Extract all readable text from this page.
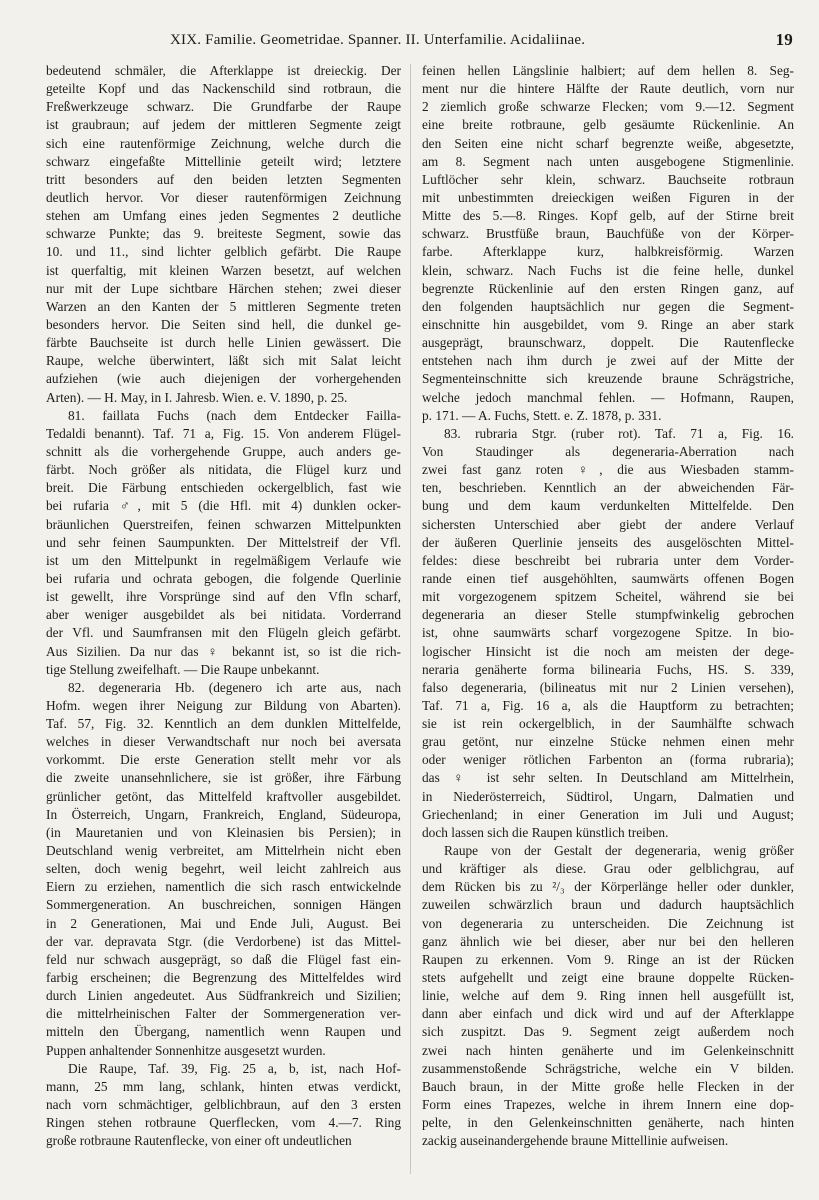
XIX. Familie. Geometridae. Spanner. II. Unterfamilie. Acidaliinae.	19
bedeutend schmäler, die Afterklappe ist dreieckig. Der
geteilte Kopf und das Nackenschild sind rotbraun, die
Freßwerkzeuge schwarz. Die Grundfarbe der Raupe
ist graubraun; auf jedem der mittleren Segmente zeigt
sich eine rautenförmige Zeichnung, welche durch die
schwarz eingefaßte Mittellinie geteilt wird; letztere
tritt besonders auf den beiden letzten Segmenten
deutlich hervor. Vor dieser rautenförmigen Zeichnung
stehen am Umfang eines jeden Segmentes 2 deutliche
schwarze Punkte; das 9. breiteste Segment, sowie das
10. und 11., sind lichter gelblich gefärbt. Die Raupe
ist querfaltig, mit kleinen Warzen besetzt, auf welchen
nur mit der Lupe sichtbare Härchen stehen; zwei dieser
Warzen an den Kanten der 5 mittleren Segmente treten
besonders hervor. Die Seiten sind hell, die dunkel ge-
färbte Bauchseite ist durch helle Linien gewässert. Die
Raupe, welche überwintert, läßt sich mit Salat leicht
aufziehen (wie auch diejenigen der vorhergehenden
Arten). — H. May, in I. Jahresb. Wien. e. V. 1890, p. 25.
81. faillata Fuchs (nach dem Entdecker Failla-
Tedaldi benannt). Taf. 71 a, Fig. 15. Von anderem Flügel-
schnitt als die vorhergehende Gruppe, auch anders ge-
färbt. Noch größer als nitidata, die Flügel kurz und
breit. Die Färbung entschieden ockergelblich, fast wie
bei rufaria ♂, mit 5 (die Hfl. mit 4) dunklen ocker-
bräunlichen Querstreifen, feinen schwarzen Mittelpunkten
und sehr feinen Saumpunkten. Der Mittelstreif der Vfl.
ist um den Mittelpunkt in regelmäßigem Verlaufe wie
bei rufaria und ochrata gebogen, die folgende Querlinie
ist gewellt, ihre Vorsprünge sind auf den Vfln scharf,
aber weniger ausgebildet als bei nitidata. Vorderrand
der Vfl. und Saumfransen mit den Flügeln gleich gefärbt.
Aus Sizilien. Da nur das ♀ bekannt ist, so ist die rich-
tige Stellung zweifelhaft. — Die Raupe unbekannt.
82. degeneraria Hb. (degenero ich arte aus, nach
Hofm. wegen ihrer Neigung zur Bildung von Abarten).
Taf. 57, Fig. 32. Kenntlich an dem dunklen Mittelfelde,
welches in dieser Verwandtschaft nur noch bei aversata
vorkommt. Die erste Generation stellt mehr vor als
die zweite unansehnlichere, sie ist größer, ihre Färbung
grünlicher getönt, das Mittelfeld kraftvoller ausgebildet.
In Österreich, Ungarn, Frankreich, England, Südeuropa,
(in Mauretanien und von Kleinasien bis Persien); in
Deutschland wenig verbreitet, am Mittelrhein nicht eben
selten, doch wenig begehrt, weil leicht zahlreich aus
Eiern zu erziehen, namentlich die sich rasch entwickelnde
Sommergeneration. An buschreichen, sonnigen Hängen
in 2 Generationen, Mai und Ende Juli, August. Bei
der var. depravata Stgr. (die Verdorbene) ist das Mittel-
feld nur schwach ausgeprägt, so daß die Flügel fast ein-
farbig erscheinen; die Begrenzung des Mittelfeldes wird
durch Linien angedeutet. Aus Südfrankreich und Sizilien;
die mittelrheinischen Falter der Sommergeneration ver-
mitteln den Übergang, namentlich wenn Raupen und
Puppen anhaltender Sonnenhitze ausgesetzt wurden.
Die Raupe, Taf. 39, Fig. 25 a, b, ist, nach Hof-
mann, 25 mm lang, schlank, hinten etwas verdickt,
nach vorn schmächtiger, gelblichbraun, auf den 3 ersten
Ringen stehen rotbraune Querflecken, vom 4.—7. Ring
große rotbraune Rautenflecke, von einer oft undeutlichen
feinen hellen Längslinie halbiert; auf dem hellen 8. Seg-
ment nur die hintere Hälfte der Raute deutlich, vorn nur
2 ziemlich große schwarze Flecken; vom 9.—12. Segment
eine breite rotbraune, gelb gesäumte Rückenlinie. An
den Seiten eine nicht scharf begrenzte weiße, abgesetzte,
am 8. Segment nach unten ausgebogene Stigmenlinie.
Luftlöcher sehr klein, schwarz. Bauchseite rotbraun
mit unbestimmten dreieckigen weißen Figuren in der
Mitte des 5.—8. Ringes. Kopf gelb, auf der Stirne breit
schwarz. Brustfüße braun, Bauchfüße von der Körper-
farbe. Afterklappe kurz, halbkreisförmig. Warzen
klein, schwarz. Nach Fuchs ist die feine helle, dunkel
begrenzte Rückenlinie auf den ersten Ringen ganz, auf
den folgenden hauptsächlich nur gegen die Segment-
einschnitte hin ausgebildet, vom 9. Ringe an aber stark
ausgeprägt, braunschwarz, doppelt. Die Rautenflecke
entstehen nach ihm durch je zwei auf der Mitte der
Segmenteinschnitte sich kreuzende braune Schrägstriche,
welche jedoch manchmal fehlen. — Hofmann, Raupen,
p. 171. — A. Fuchs, Stett. e. Z. 1878, p. 331.
83. rubraria Stgr. (ruber rot). Taf. 71 a, Fig. 16.
Von Staudinger als degeneraria-Aberration nach
zwei fast ganz roten ♀, die aus Wiesbaden stamm-
ten, beschrieben. Kenntlich an der abweichenden Fär-
bung und dem kaum verdunkelten Mittelfelde. Den
sichersten Unterschied aber giebt der andere Verlauf
der äußeren Querlinie jenseits des ausgelöschten Mittel-
feldes: diese beschreibt bei rubraria unter dem Vorder-
rande einen tief ausgehöhlten, saumwärts offenen Bogen
mit vorgezogenem spitzem Scheitel, während sie bei
degeneraria an dieser Stelle stumpfwinkelig gebrochen
ist, ohne saumwärts scharf vorgezogene Spitze. In bio-
logischer Hinsicht ist die noch am meisten der dege-
neraria genäherte forma bilinearia Fuchs, HS. S. 339,
falso degeneraria, (bilineatus mit nur 2 Linien versehen),
Taf. 71 a, Fig. 16 a, als die Hauptform zu betrachten;
sie ist rein ockergelblich, in der Saumhälfte schwach
grau getönt, nur einzelne Stücke nehmen einen mehr
oder weniger rötlichen Farbenton an (forma rubraria);
das ♀ ist sehr selten. In Deutschland am Mittelrhein,
in Niederösterreich, Südtirol, Ungarn, Dalmatien und
Griechenland; in einer Generation im Juli und August;
doch lassen sich die Raupen künstlich treiben.
Raupe von der Gestalt der degeneraria, wenig größer
und kräftiger als diese. Grau oder gelblichgrau, auf
dem Rücken bis zu ²/₃ der Körperlänge heller oder dunkler,
zuweilen schwärzlich braun und dadurch hauptsächlich
von degeneraria zu unterscheiden. Die Zeichnung ist
ganz ähnlich wie bei dieser, aber nur bei den helleren
Raupen zu erkennen. Vom 9. Ringe an ist der Rücken
stets aufgehellt und zeigt eine braune doppelte Rücken-
linie, welche auf dem 9. Ring innen hell ausgefüllt ist,
dann aber einfach und dick wird und auf der Afterklappe
sich zuspitzt. Das 9. Segment zeigt außerdem noch
zwei nach hinten genäherte und im Gelenkeinschnitt
zusammenstoßende Schrägstriche, welche ein V bilden.
Bauch braun, in der Mitte große helle Flecken in der
Form eines Trapezes, welche in ihrem Innern eine dop-
pelte, in den Gelenkeinschnitten genäherte, nach hinten
zackig auseinandergehende braune Mittellinie aufweisen.
